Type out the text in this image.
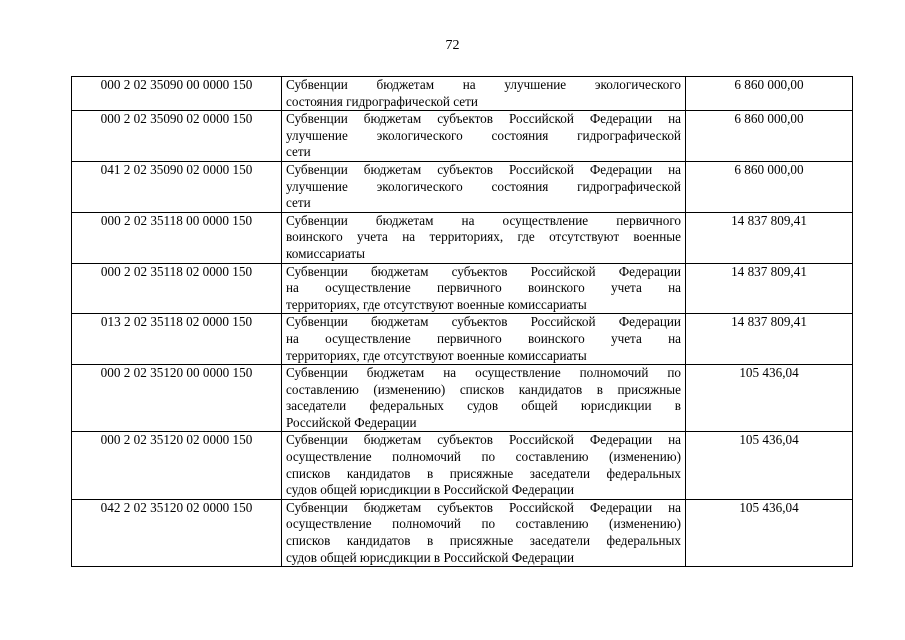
72
000 2 02 35090 00 0000 150	Субвенции бюджетам на улучшение экологического
состояния гидрографической сети	6 860 000,00
000 2 02 35090 02 0000 150	Субвенции бюджетам субъектов Российской Федерации на
улучшение экологического состояния гидрографической
сети	6 860 000,00
041 2 02 35090 02 0000 150	Субвенции бюджетам субъектов Российской Федерации на
улучшение экологического состояния гидрографической
сети	6 860 000,00
000 2 02 35118 00 0000 150	Субвенции бюджетам на осуществление первичного
воинского учета на территориях, где отсутствуют военные
комиссариаты	14 837 809,41
000 2 02 35118 02 0000 150	Субвенции бюджетам субъектов Российской Федерации
на осуществление первичного воинского учета на
территориях, где отсутствуют военные комиссариаты	14 837 809,41
013 2 02 35118 02 0000 150	Субвенции бюджетам субъектов Российской Федерации
на осуществление первичного воинского учета на
территориях, где отсутствуют военные комиссариаты	14 837 809,41
000 2 02 35120 00 0000 150	Субвенции бюджетам на осуществление полномочий по
составлению (изменению) списков кандидатов в присяжные
заседатели федеральных судов общей юрисдикции в
Российской Федерации	105 436,04
000 2 02 35120 02 0000 150	Субвенции бюджетам субъектов Российской Федерации на
осуществление полномочий по составлению (изменению)
списков кандидатов в присяжные заседатели федеральных
судов общей юрисдикции в Российской Федерации	105 436,04
042 2 02 35120 02 0000 150	Субвенции бюджетам субъектов Российской Федерации на
осуществление полномочий по составлению (изменению)
списков кандидатов в присяжные заседатели федеральных
судов общей юрисдикции в Российской Федерации	105 436,04
